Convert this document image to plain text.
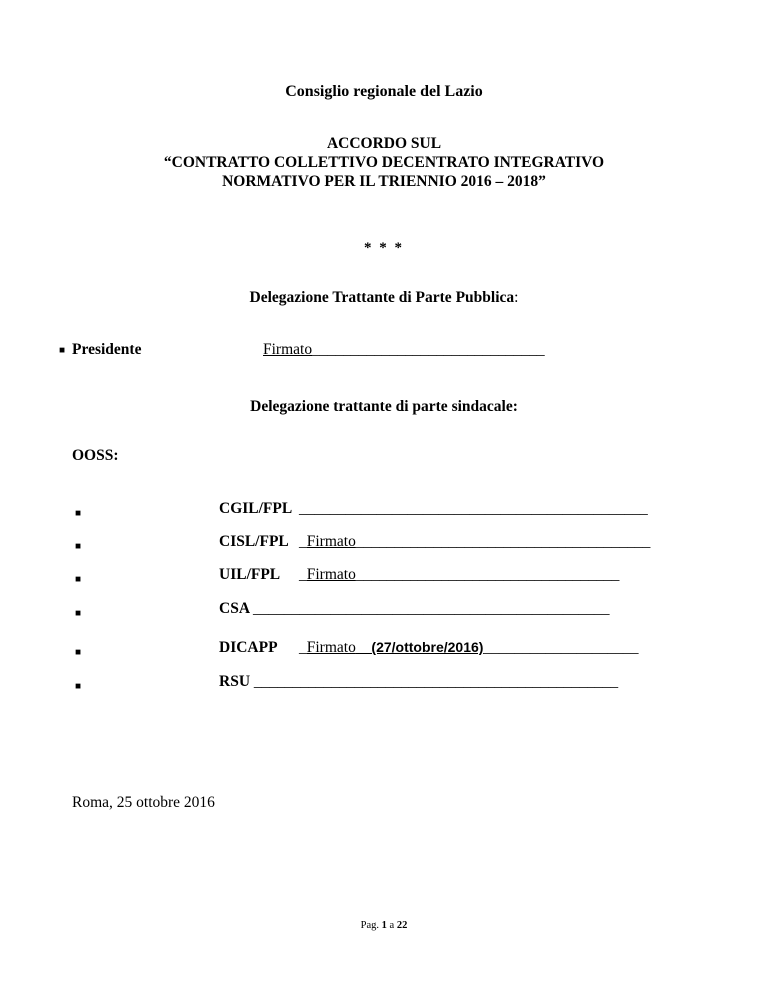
Consiglio regionale del Lazio
ACCORDO SUL
“CONTRATTO COLLETTIVO DECENTRATO INTEGRATIVO
NORMATIVO PER IL TRIENNIO 2016 – 2018”
* * *
Delegazione Trattante di Parte Pubblica:
■ Presidente	Firmato______________________________
Delegazione trattante di parte sindacale:
OOSS:
■	CGIL/FPL _____________________________________________
■	CISL/FPL _Firmato______________________________________
■	UIL/FPL _Firmato__________________________________
■	CSA ______________________________________________
■	DICAPP _Firmato__(27/ottobre/2016)____________________
■	RSU _______________________________________________
Roma, 25 ottobre 2016
Pag. 1 a 22
